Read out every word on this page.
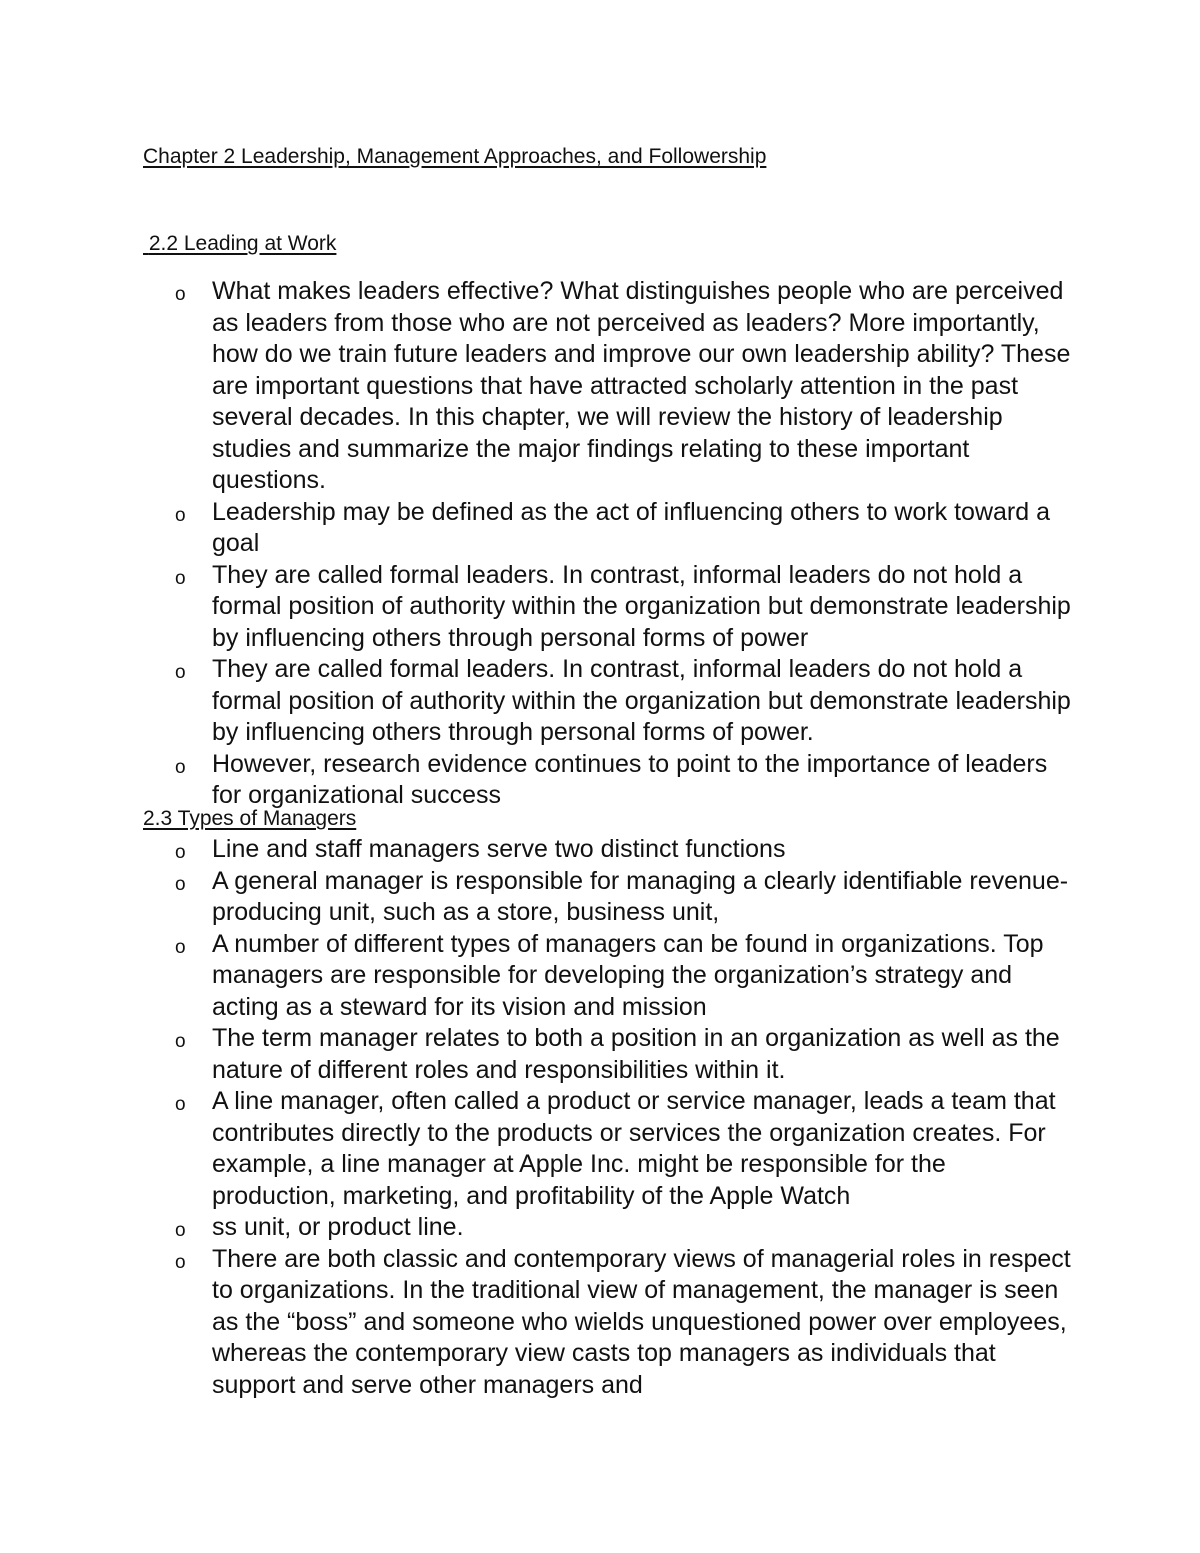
Chapter 2 Leadership, Management Approaches, and Followership
2.2 Leading at Work
o What makes leaders effective? What distinguishes people who are perceived as leaders from those who are not perceived as leaders? More importantly, how do we train future leaders and improve our own leadership ability? These are important questions that have attracted scholarly attention in the past several decades. In this chapter, we will review the history of leadership studies and summarize the major findings relating to these important questions.
o Leadership may be defined as the act of influencing others to work toward a goal
o They are called formal leaders. In contrast, informal leaders do not hold a formal position of authority within the organization but demonstrate leadership by influencing others through personal forms of power
o They are called formal leaders. In contrast, informal leaders do not hold a formal position of authority within the organization but demonstrate leadership by influencing others through personal forms of power.
o However, research evidence continues to point to the importance of leaders for organizational success
2.3 Types of Managers
o Line and staff managers serve two distinct functions
o A general manager is responsible for managing a clearly identifiable revenue-producing unit, such as a store, business unit,
o A number of different types of managers can be found in organizations. Top managers are responsible for developing the organization’s strategy and acting as a steward for its vision and mission
o The term manager relates to both a position in an organization as well as the nature of different roles and responsibilities within it.
o A line manager, often called a product or service manager, leads a team that contributes directly to the products or services the organization creates. For example, a line manager at Apple Inc. might be responsible for the production, marketing, and profitability of the Apple Watch
o ss unit, or product line.
o There are both classic and contemporary views of managerial roles in respect to organizations. In the traditional view of management, the manager is seen as the “boss” and someone who wields unquestioned power over employees, whereas the contemporary view casts top managers as individuals that support and serve other managers and
